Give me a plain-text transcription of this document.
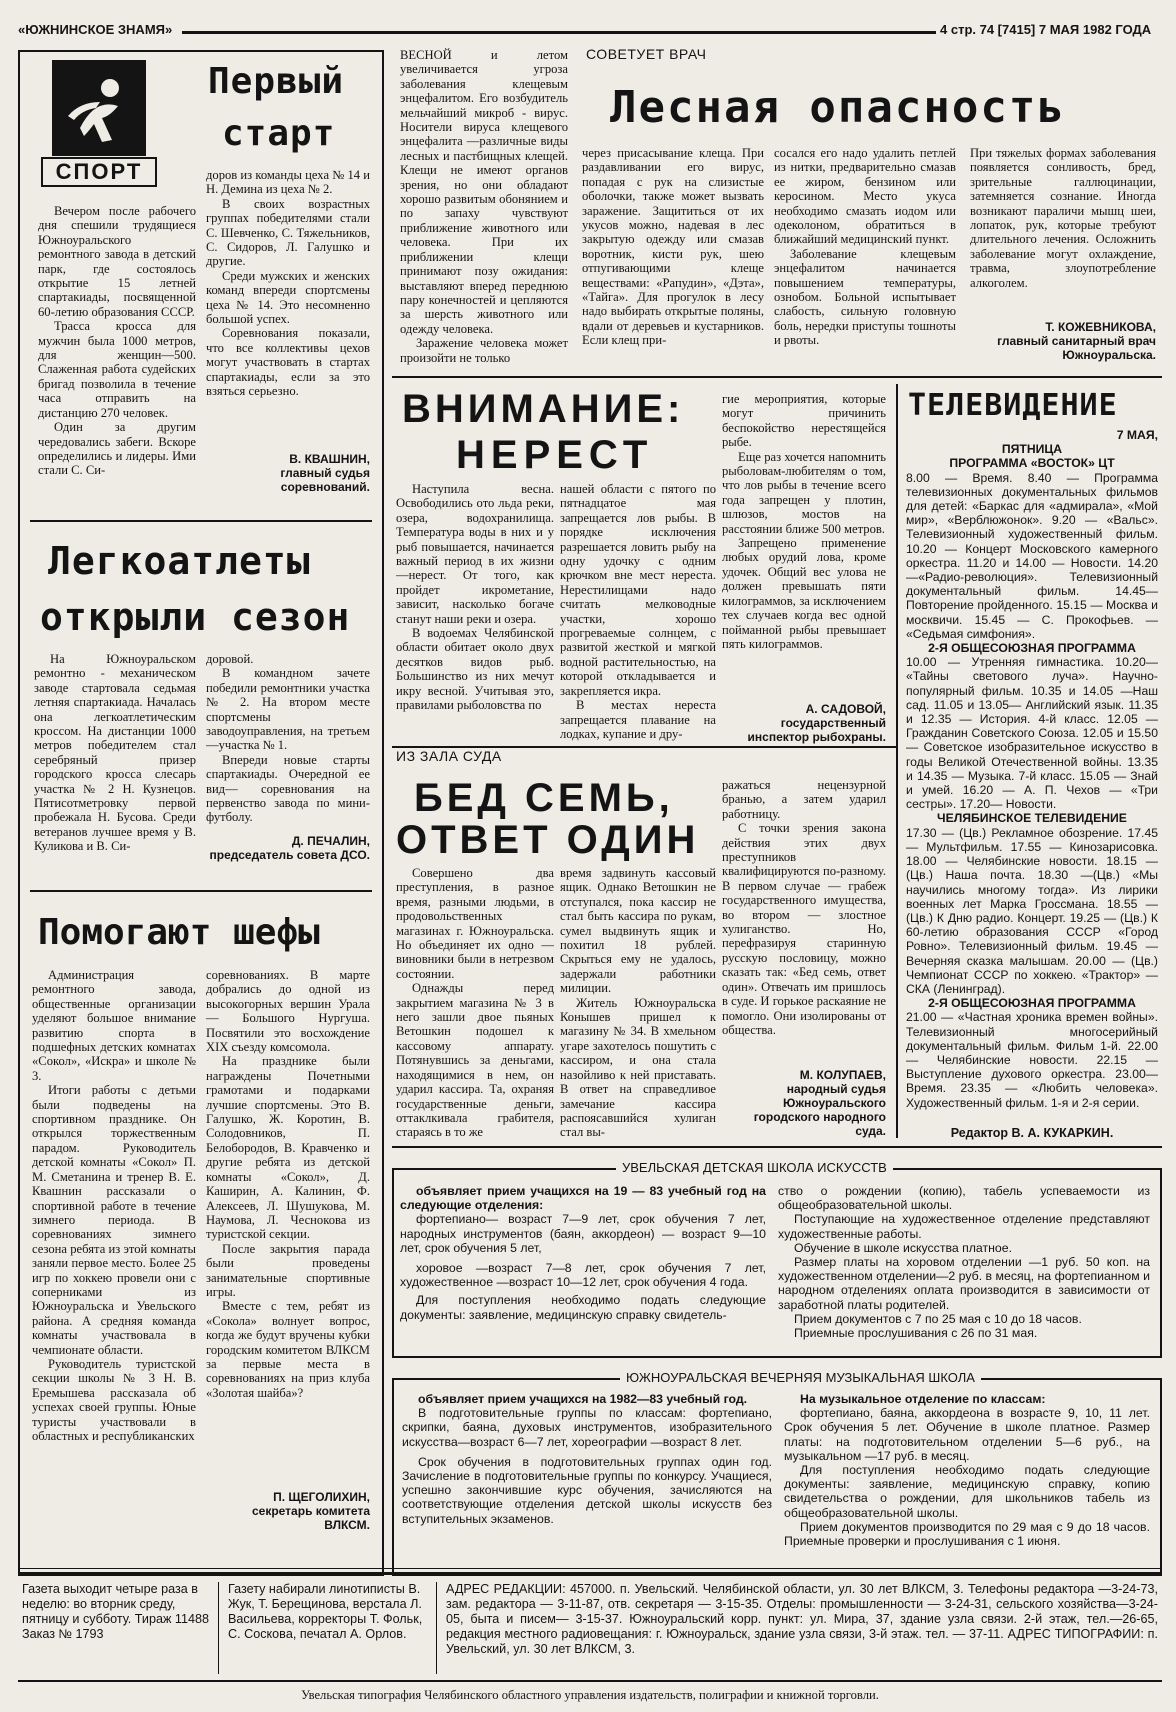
«ЮЖНИНСКОЕ ЗНАМЯ»	4 стр. 74 [7415] 7 МАЯ 1982 ГОДА
СПОРТ
Первый
старт

Вечером после рабочего дня спешили трудящиеся Южноуральского ремонтного завода в детский парк, где состоялось открытие 15 летней спартакиады, посвященной 60-летию образования СССР.

Трасса кросса для мужчин была 1000 метров, для женщин—500. Слаженная работа судейских бригад позволила в течение часа отправить на дистанцию 270 человек.

Один за другим чередовались забеги. Вскоре определились и лидеры. Ими стали С. Си-

доров из команды цеха № 14 и Н. Демина из цеха № 2.

В своих возрастных группах победителями стали С. Шевченко, С. Тяжельников, С. Сидоров, Л. Галушко и другие.

Среди мужских и женских команд впереди спортсмены цеха № 14. Это несомненно большой успех.

Соревнования показали, что все коллективы цехов могут участвовать в стартах спартакиады, если за это взяться серьезно.

В. КВАШНИН,
главный судья соревнований.
Легкоатлеты
открыли сезон

На Южноуральском ремонтно - механическом заводе стартовала седьмая летняя спартакиада. Началась она легкоатлетическим кроссом. На дистанции 1000 метров победителем стал серебряный призер городского кросса слесарь участка № 2 Н. Кузнецов. Пятисотметровку первой пробежала Н. Бусова. Среди ветеранов лучшее время у В. Куликова и В. Си-

доровой.

В командном зачете победили ремонтники участка № 2. На втором месте спортсмены заводоуправления, на третьем—участка № 1.

Впереди новые старты спартакиады. Очередной ее вид— соревнования на первенство завода по мини-футболу.

Д. ПЕЧАЛИН,
председатель совета ДСО.
Помогают шефы

Администрация ремонтного завода, общественные организации уделяют большое внимание развитию спорта в подшефных детских комнатах «Сокол», «Искра» и школе № 3.

Итоги работы с детьми были подведены на спортивном празднике. Он открылся торжественным парадом. Руководитель детской комнаты «Сокол» П. М. Сметанина и тренер В. Е. Квашнин рассказали о спортивной работе в течение зимнего периода. В соревнованиях зимнего сезона ребята из этой комнаты заняли первое место. Более 25 игр по хоккею провели они с соперниками из Южноуральска и Увельского района. А средняя команда комнаты участвовала в чемпионате области.

Руководитель туристской секции школы № 3 Н. В. Еремышева рассказала об успехах своей группы. Юные туристы участвовали в областных и республиканских

соревнованиях. В марте добрались до одной из высокогорных вершин Урала— Большого Нургуша. Посвятили это восхождение XIX съезду комсомола.

На празднике были награждены Почетными грамотами и подарками лучшие спортсмены. Это В. Галушко, Ж. Коротин, В. Солодовников, П. Белобородов, В. Кравченко и другие ребята из детской комнаты «Сокол», Д. Каширин, А. Калинин, Ф. Алексеев, Л. Шушукова, М. Наумова, Л. Чеснокова из туристской секции.

После закрытия парада были проведены занимательные спортивные игры.

Вместе с тем, ребят из «Сокола» волнует вопрос, когда же будут вручены кубки городским комитетом ВЛКСМ за первые места в соревнованиях на приз клуба «Золотая шайба»?

П. ЩЕГОЛИХИН,
секретарь комитета ВЛКСМ.
СОВЕТУЕТ ВРАЧ
Лесная опасность

ВЕСНОЙ и летом увеличивается угроза заболевания клещевым энцефалитом. Его возбудитель мельчайший микроб - вирус. Носители вируса клещевого энцефалита —различные виды лесных и пастбищных клещей. Клещи не имеют органов зрения, но они обладают хорошо развитым обонянием и по запаху чувствуют приближение животного или человека. При их приближении клещи принимают позу ожидания: выставляют вперед переднюю пару конечностей и цепляются за шерсть животного или одежду человека.

Заражение человека может произойти не только

через присасывание клеща. При раздавливании его вирус, попадая с рук на слизистые оболочки, также может вызвать заражение. Защититься от их укусов можно, надевая в лес закрытую одежду или смазав воротник, кисти рук, шею отпугивающими клеще веществами: «Рапудин», «Дэта», «Тайга». Для прогулок в лесу надо выбирать открытые поляны, вдали от деревьев и кустарников. Если клещ при-

сосался его надо удалить петлей из нитки, предварительно смазав ее жиром, бензином или керосином. Место укуса необходимо смазать иодом или одеколоном, обратиться в ближайший медицинский пункт.

Заболевание клещевым энцефалитом начинается повышением температуры, ознобом. Больной испытывает слабость, сильную головную боль, нередки приступы тошноты и рвоты.

При тяжелых формах заболевания появляется сонливость, бред, зрительные галлюцинации, затемняется сознание. Иногда возникают параличи мышц шеи, лопаток, рук, которые требуют длительного лечения. Осложнить заболевание могут охлаждение, травма, злоупотребление алкоголем.

Т. КОЖЕВНИКОВА,
главный санитарный врач Южноуральска.
ВНИМАНИЕ:
НЕРЕСТ

Наступила весна. Освободились ото льда реки, озера, водохранилища. Температура воды в них и у рыб повышается, начинается важный период в их жизни —нерест. От того, как пройдет икрометание, зависит, насколько богаче станут наши реки и озера.

В водоемах Челябинской области обитает около двух десятков видов рыб. Большинство из них мечут икру весной. Учитывая это, правилами рыболовства по

нашей области с пятого по пятнадцатое мая запрещается лов рыбы. В порядке исключения разрешается ловить рыбу на одну удочку с одним крючком вне мест нереста. Нерестилищами надо считать мелководные участки, хорошо прогреваемые солнцем, с развитой жесткой и мягкой водной растительностью, на которой откладывается и закрепляется икра.

В местах нереста запрещается плавание на лодках, купание и дру-

гие мероприятия, которые могут причинить беспокойство нерестящейся рыбе.

Еще раз хочется напомнить рыболовам-любителям о том, что лов рыбы в течение всего года запрещен у плотин, шлюзов, мостов на расстоянии ближе 500 метров.

Запрещено применение любых орудий лова, кроме удочек. Общий вес улова не должен превышать пяти килограммов, за исключением тех случаев когда вес одной пойманной рыбы превышает пять килограммов.

А. САДОВОЙ,
государственный инспектор рыбохраны.
ИЗ ЗАЛА СУДА
БЕД СЕМЬ,
ОТВЕТ ОДИН

Совершено два преступления, в разное время, разными людьми, в продовольственных магазинах г. Южноуральска. Но объединяет их одно — виновники были в нетрезвом состоянии.

Однажды перед закрытием магазина № 3 в него зашли двое пьяных Ветошкин подошел к кассовому аппарату. Потянувшись за деньгами, находящимися в нем, он ударил кассира. Та, охраняя государственные деньги, оттаклкивала грабителя, стараясь в то же

время задвинуть кассовый ящик. Однако Ветошкин не отступался, пока кассир не стал быть кассира по рукам, сумел выдвинуть ящик и похитил 18 рублей. Скрыться ему не удалось, задержали работники милиции.

Житель Южноуральска Конышев пришел к магазину № 34. В хмельном угаре захотелось пошутить с кассиром, и она стала назойливо к ней приставать. В ответ на справедливое замечание кассира распоясавшийся хулиган стал вы-

ражаться нецензурной бранью, а затем ударил работницу.

С точки зрения закона действия этих двух преступников квалифицируются по-разному. В первом случае — грабеж государственного имущества, во втором — злостное хулиганство. Но, перефразируя старинную русскую пословицу, можно сказать так: «Бед семь, ответ один». Отвечать им пришлось в суде. И горькое раскаяние не помогло. Они изолированы от общества.

М. КОЛУПАЕВ,
народный судья Южноуральского городского народного суда.
ТЕЛЕВИДЕНИЕ
7 МАЯ,
ПЯТНИЦА
ПРОГРАММА «ВОСТОК» ЦТ
8.00 — Время. 8.40 — Программа телевизионных документальных фильмов для детей: «Баркас для «адмирала», «Мой мир», «Верблюжонок». 9.20 — «Вальс». Телевизионный художественный фильм. 10.20 — Концерт Московского камерного оркестра. 11.20 и 14.00 — Новости. 14.20—«Радио-революция». Телевизионный документальный фильм. 14.45— Повторение пройденного. 15.15 — Москва и москвичи. 15.45 — С. Прокофьев. — «Седьмая симфония».
2-Я ОБЩЕСОЮЗНАЯ ПРОГРАММА
10.00 — Утренняя гимнастика. 10.20— «Тайны светового луча». Научно-популярный фильм. 10.35 и 14.05 —Наш сад. 11.05 и 13.05— Английский язык. 11.35 и 12.35 — История. 4-й класс. 12.05 — Гражданин Советского Союза. 12.05 и 15.50— Советское изобразительное искусство в годы Великой Отечественной войны. 13.35 и 14.35 — Музыка. 7-й класс. 15.05 — Знай и умей. 16.20 — А. П. Чехов — «Три сестры». 17.20— Новости.
ЧЕЛЯБИНСКОЕ ТЕЛЕВИДЕНИЕ
17.30 — (Цв.) Рекламное обозрение. 17.45 — Мультфильм. 17.55 — Кинозарисовка. 18.00 — Челябинские новости. 18.15 — (Цв.) Наша почта. 18.30 —(Цв.) «Мы научились многому тогда». Из лирики военных лет Марка Гроссмана. 18.55 —(Цв.) К Дню радио. Концерт. 19.25 — (Цв.) К 60-летию образования СССР «Город Ровно». Телевизионный фильм. 19.45 — Вечерняя сказка малышам. 20.00 — (Цв.) Чемпионат СССР по хоккею. «Трактор» — СКА (Ленинград).
2-Я ОБЩЕСОЮЗНАЯ ПРОГРАММА
21.00 — «Частная хроника времен войны». Телевизионный многосерийный документальный фильм. Фильм 1-й. 22.00 — Челябинские новости. 22.15 — Выступление духового оркестра. 23.00— Время. 23.35 — «Любить человека». Художественный фильм. 1-я и 2-я серии.
Редактор В. А. КУКАРКИН.
УВЕЛЬСКАЯ ДЕТСКАЯ ШКОЛА ИСКУССТВ

объявляет прием учащихся на 19 — 83 учебный год на следующие отделения:

фортепиано— возраст 7—9 лет, срок обучения 7 лет, народных инструментов (баян, аккордеон) — возраст 9—10 лет, срок обучения 5 лет,

хоровое —возраст 7—8 лет, срок обучения 7 лет, художественное —возраст 10—12 лет, срок обучения 4 года.

Для поступления необходимо подать следующие документы: заявление, медицинскую справку свидетель-

ство о рождении (копию), табель успеваемости из общеобразовательной школы.

Поступающие на художественное отделение представляют художественные работы.

Обучение в школе искусства платное.

Размер платы на хоровом отделении —1 руб. 50 коп. на художественном отделении—2 руб. в месяц, на фортепианном и народном отделениях оплата производится в зависимости от заработной платы родителей.

Прием документов с 7 по 25 мая с 10 до 18 часов.

Приемные прослушивания с 26 по 31 мая.

ЮЖНОУРАЛЬСКАЯ ВЕЧЕРНЯЯ МУЗЫКАЛЬНАЯ ШКОЛА

объявляет прием учащихся на 1982—83 учебный год.

В подготовительные группы по классам: фортепиано, скрипки, баяна, духовых инструментов, изобразительного искусства—возраст 6—7 лет, хореографии —возраст 8 лет.

Срок обучения в подготовительных группах один год. Зачисление в подготовительные группы по конкурсу. Учащиеся, успешно закончившие курс обучения, зачисляются на соответствующие отделения детской школы искусств без вступительных экзаменов.

На музыкальное отделение по классам:

фортепиано, баяна, аккордеона в возрасте 9, 10, 11 лет. Срок обучения 5 лет. Обучение в школе платное. Размер платы: на подготовительном отделении 5—6 руб., на музыкальном —17 руб. в месяц.

Для поступления необходимо подать следующие документы: заявление, медицинскую справку, копию свидетельства о рождении, для школьников табель из общеобразовательной школы.

Прием документов производится по 29 мая с 9 до 18 часов. Приемные проверки и прослушивания с 1 июня.

Газета выходит четыре раза в неделю: во вторник среду, пятницу и субботу. Тираж 11488 Заказ № 1793
Газету набирали линотиписты В. Жук, Т. Берещинова, верстала Л. Васильева, корректоры Т. Фольк, С. Сосковa, печатал А. Орлов.
АДРЕС РЕДАКЦИИ: 457000. п. Увельский. Челябинской области, ул. 30 лет ВЛКСМ, 3. Телефоны редактора —3-24-73, зам. редактора — 3-11-87, отв. секретаря — 3-15-35. Отделы: промышленности — 3-24-31, сельского хозяйства—3-24-05, быта и писем— 3-15-37. Южноуральский корр. пункт: ул. Мира, 37, здание узла связи. 2-й этаж, тел.—26-65, редакция местного радиовещания: г. Южноуральск, здание узла связи, 3-й этаж. тел. — 37-11. АДРЕС ТИПОГРАФИИ: п. Увельский, ул. 30 лет ВЛКСМ, 3.
Увельская типография Челябинского областного управления издательств, полиграфии и книжной торговли.
